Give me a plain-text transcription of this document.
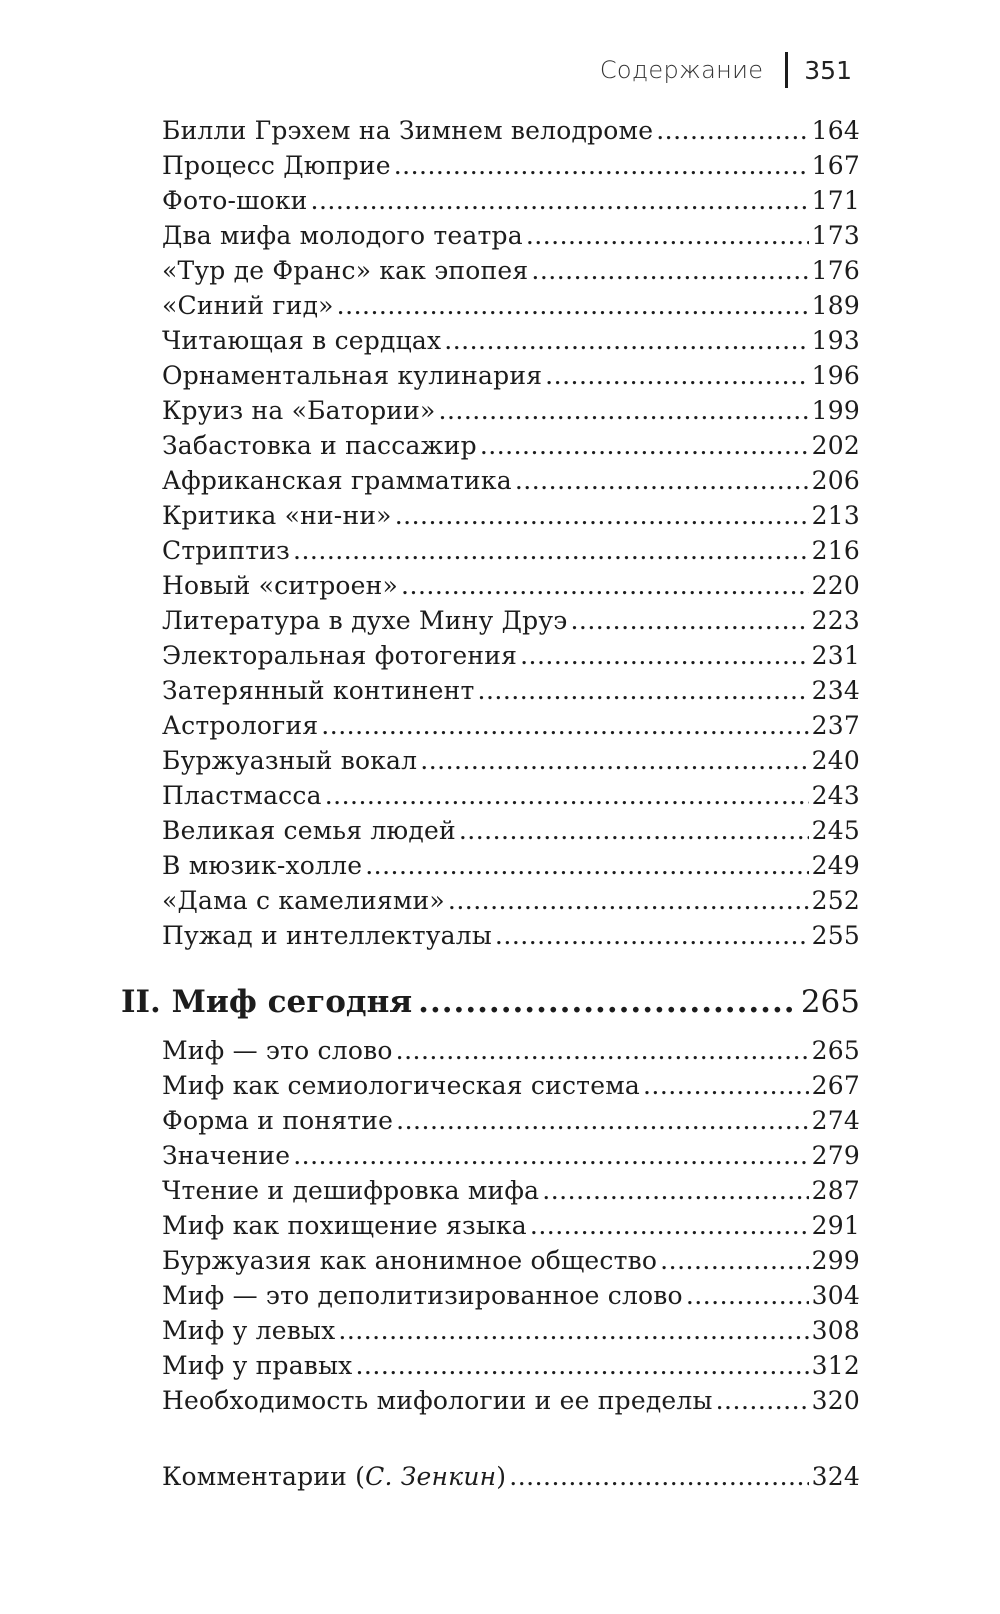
Содержание 351
Билли Грэхем на Зимнем велодроме .....	164
Процесс Дюприе .....	167
Фото-шоки .....	171
Два мифа молодого театра .....	173
«Тур де Франс» как эпопея .....	176
«Синий гид» .....	189
Читающая в сердцах .....	193
Орнаментальная кулинария .....	196
Круиз на «Батории» .....	199
Забастовка и пассажир .....	202
Африканская грамматика .....	206
Критика «ни-ни» .....	213
Стриптиз .....	216
Новый «ситроен» .....	220
Литература в духе Мину Друэ .....	223
Электоральная фотогения .....	231
Затерянный континент .....	234
Астрология .....	237
Буржуазный вокал .....	240
Пластмасса .....	243
Великая семья людей .....	245
В мюзик-холле .....	249
«Дама с камелиями» .....	252
Пужад и интеллектуалы .....	255
II. Миф сегодня .....	265
Миф — это слово .....	265
Миф как семиологическая система .....	267
Форма и понятие .....	274
Значение .....	279
Чтение и дешифровка мифа .....	287
Миф как похищение языка .....	291
Буржуазия как анонимное общество .....	299
Миф — это деполитизированное слово .....	304
Миф у левых .....	308
Миф у правых .....	312
Необходимость мифологии и ее пределы .....	320
Комментарии (С. Зенкин) .....	324
